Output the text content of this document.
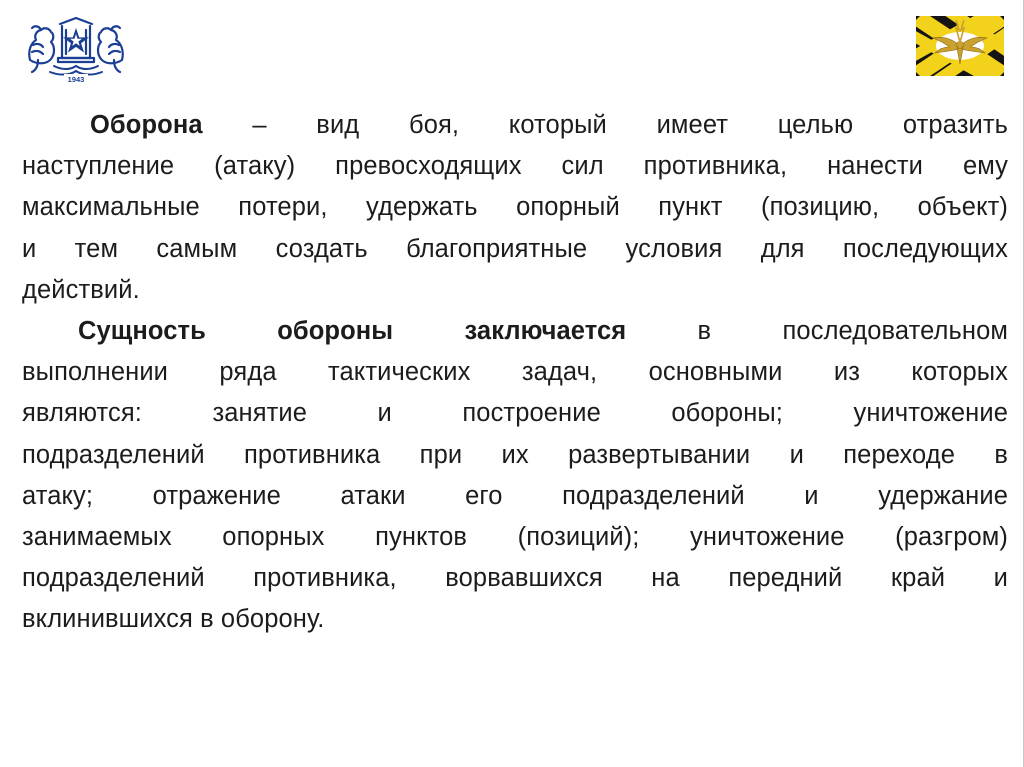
1943
Оборона – вид боя, который имеет целью отразить
наступление (атаку) превосходящих сил противника, нанести ему
максимальные потери, удержать опорный пункт (позицию, объект)
и тем самым создать благоприятные условия для последующих
действий.
Сущность обороны заключается в последовательном
выполнении ряда тактических задач, основными из которых
являются: занятие и построение обороны; уничтожение
подразделений противника при их развертывании и переходе в
атаку; отражение атаки его подразделений и удержание
занимаемых опорных пунктов (позиций); уничтожение (разгром)
подразделений противника, ворвавшихся на передний край и
вклинившихся в оборону.
